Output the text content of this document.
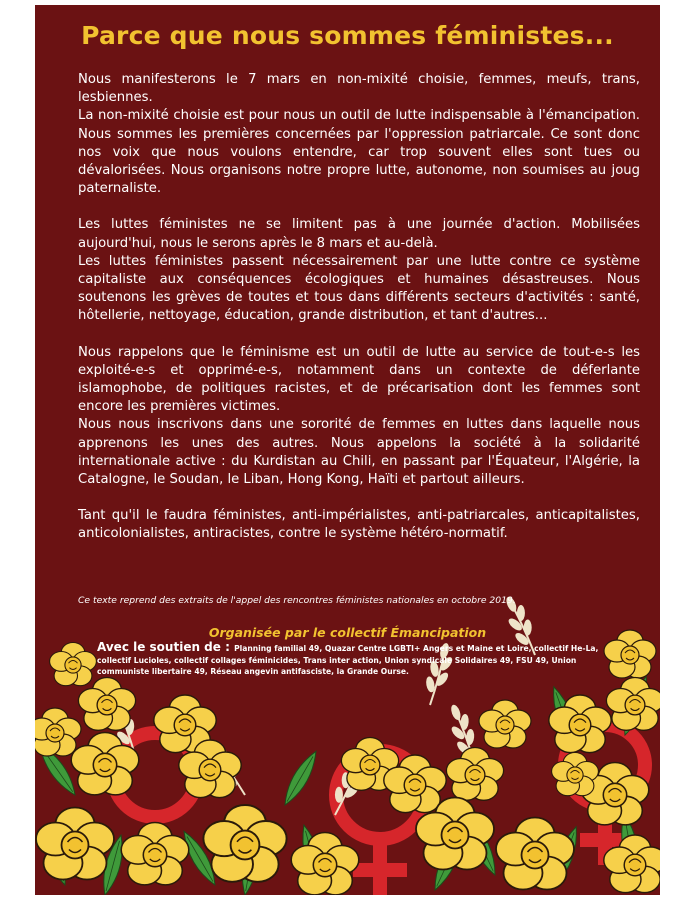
Parce que nous sommes féministes...

Nous manifesterons le 7 mars en non-mixité choisie, femmes, meufs, trans, lesbiennes.

La non-mixité choisie est pour nous un outil de lutte indispensable à l'émancipation. Nous sommes les premières concernées par l'oppression patriarcale. Ce sont donc nos voix que nous voulons entendre, car trop souvent elles sont tues ou dévalorisées. Nous organisons notre propre lutte, autonome, non soumises au joug paternaliste.

Les luttes féministes ne se limitent pas à une journée d'action. Mobilisées aujourd'hui, nous le serons après le 8 mars et au-delà.

Les luttes féministes passent nécessairement par une lutte contre ce système capitaliste aux conséquences écologiques et humaines désastreuses. Nous soutenons les grèves de toutes et tous dans différents secteurs d'activités : santé, hôtellerie, nettoyage, éducation, grande distribution, et tant d'autres...

Nous rappelons que le féminisme est un outil de lutte au service de tout-e-s les exploité-e-s et opprimé-e-s, notamment dans un contexte de déferlante islamophobe, de politiques racistes, et de précarisation dont les femmes sont encore les premières victimes.

Nous nous inscrivons dans une sororité de femmes en luttes dans laquelle nous apprenons les unes des autres. Nous appelons la société à la solidarité internationale active : du Kurdistan au Chili, en passant par l'Équateur, l'Algérie, la Catalogne, le Soudan, le Liban, Hong Kong, Haïti et partout ailleurs.

Tant qu'il le faudra féministes, anti-impérialistes, anti-patriarcales, anticapitalistes, anticolonialistes, antiracistes, contre le système hétéro-normatif.

Ce texte reprend des extraits de l'appel des rencontres féministes nationales en octobre 2019.

Organisée par le collectif Émancipation

Avec le soutien de : Planning familial 49, Quazar Centre LGBTI+ Angers et Maine et Loire, collectif He-La, collectif Lucioles, collectif collages féminicides, Trans inter action, Union syndicale Solidaires 49, FSU 49, Union communiste libertaire 49, Réseau angevin antifasciste, la Grande Ourse.
